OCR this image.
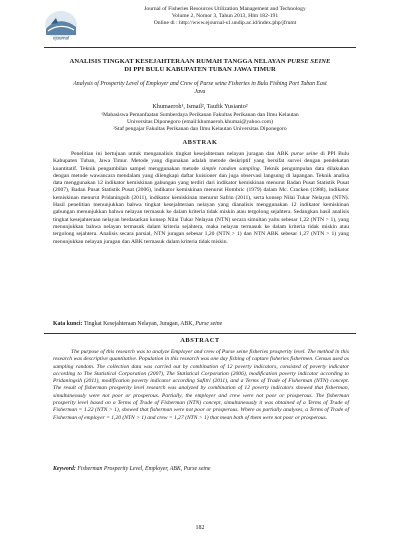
ejournal
Journal of Fisheries Resources Utilization Management and Technology
Volume 2, Nomor 3, Tahun 2013, Hlm 182-191
Online di : http://www.ejournal-s1.undip.ac.id/index.php/jfrumt
ANALISIS TINGKAT KESEJAHTERAAN RUMAH TANGGA NELAYAN PURSE SEINE
DI PPI BULU KABUPATEN TUBAN JAWA TIMUR
Analysis of Prosperity Level of Employer and Crew of Purse seine Fisheries in Bulu Fishing Port Tuban East Java
Khumaeroh¹, Ismail², Taufik Yusianto²
¹Mahasiswa Pemanfaatan Sumberdaya Perikanan Fakultas Perikanan dan Ilmu Kelautan
Universitas Diponegoro (email:khumaeroh.khumai@yahoo.com)
²Staf pengajar Fakultas Perikanan dan Ilmu Kelautan Universitas Diponegoro
ABSTRAK
Penelitian ini bertujuan untuk menganalisis tingkat kesejahteraan nelayan juragan dan ABK purse seine di PPI Bulu Kabupaten Tuban, Jawa Timur. Metode yang digunakan adalah metode deskriptif yang bersifat survei dengan pendekatan kuantitatif. Teknik pengambilan sampel menggunakan metode simple random sampling. Teknik pengumpulan data dilakukan dengan metode wawancara mendalam yang dilengkapi daftar kuisioner dan juga observasi langsung di lapangan. Teknik analisa data menggunakan 12 indikator kemiskinan gabungan yang terdiri dari indikator kemiskinan menurut Badan Pusat Statistik Pusat (2007), Badan Pusat Statistik Pusat (2006), indikator kemiskinan menurut Hombric (1979) dalam Mc. Cracken (1988), indikator kemiskinan menurut Pridaningsih (2011), indikator kemiskinan menurut Safrin (2011), serta konsep Nilai Tukar Nelayan (NTN). Hasil penelitian menunjukkan bahwa tingkat kesejahteraan nelayan yang dianalisis menggunakan 12 indikator kemiskinan gabungan menunjukkan bahwa nelayan termasuk ke dalam kriteria tidak miskin atau tergolong sejahtera. Sedangkan hasil analisis tingkat kesejahteraan nelayan berdasarkan konsep Nilai Tukar Nelayan (NTN) secara simultan yaitu sebesar 1,22 (NTN > 1), yang menunjukkan bahwa nelayan termasuk dalam kriteria sejahtera, maka nelayan termasuk ke dalam kriteria tidak miskin atau tergolong sejahtera. Analisis secara parsial, NTN juragan sebesar 1,20 (NTN > 1) dan NTN ABK sebesar 1,27 (NTN > 1) yang menunjukkan nelayan juragan dan ABK termasuk dalam kriteria tidak miskin.
Kata kunci: Tingkat Kesejahteraan Nelayan, Juragan, ABK, Purse seine
ABSTRACT
The purpose of this research was to analyze Employer and crew of Purse seine fisheries prosperity level. The method in this research was descriptive quantitative. Population in this research was one day fishing of capture fisheries fishermen. Census used as sampling random. The collection data was carried out by combination of 12 poverty indicators, consisted of poverty indicator according to The Statistical Corporation (2007), The Statistical Corporation (2006), modification poverty indicator according to Pridaningsih (2011), modification poverty indicator according Safitri (2011), and a Terms of Trade of Fisherman (NTN) concept. The result of fisherman prosperity level research was analyzed by combination of 12 poverty indicators showed that fisherman, simultaneously were not poor or prosperous. Partially, the employer and crew were not poor or prosperous. The fisherman prosperity level based on a Terms of Trade of Fisherman (NTN) concept, simultaneously it was obtained of a Terms of Trade of Fisherman = 1.22 (NTN > 1), showed that fisherman were not poor or prosperous. Where as partially analyses, a Terms of Trade of Fisherman of employer = 1,20 (NTN > 1) and crew = 1,27 (NTN > 1) that mean both of them were not poor or prosperous.
Keyword: Fisherman Prosperity Level, Employer, ABK, Purse seine
182
